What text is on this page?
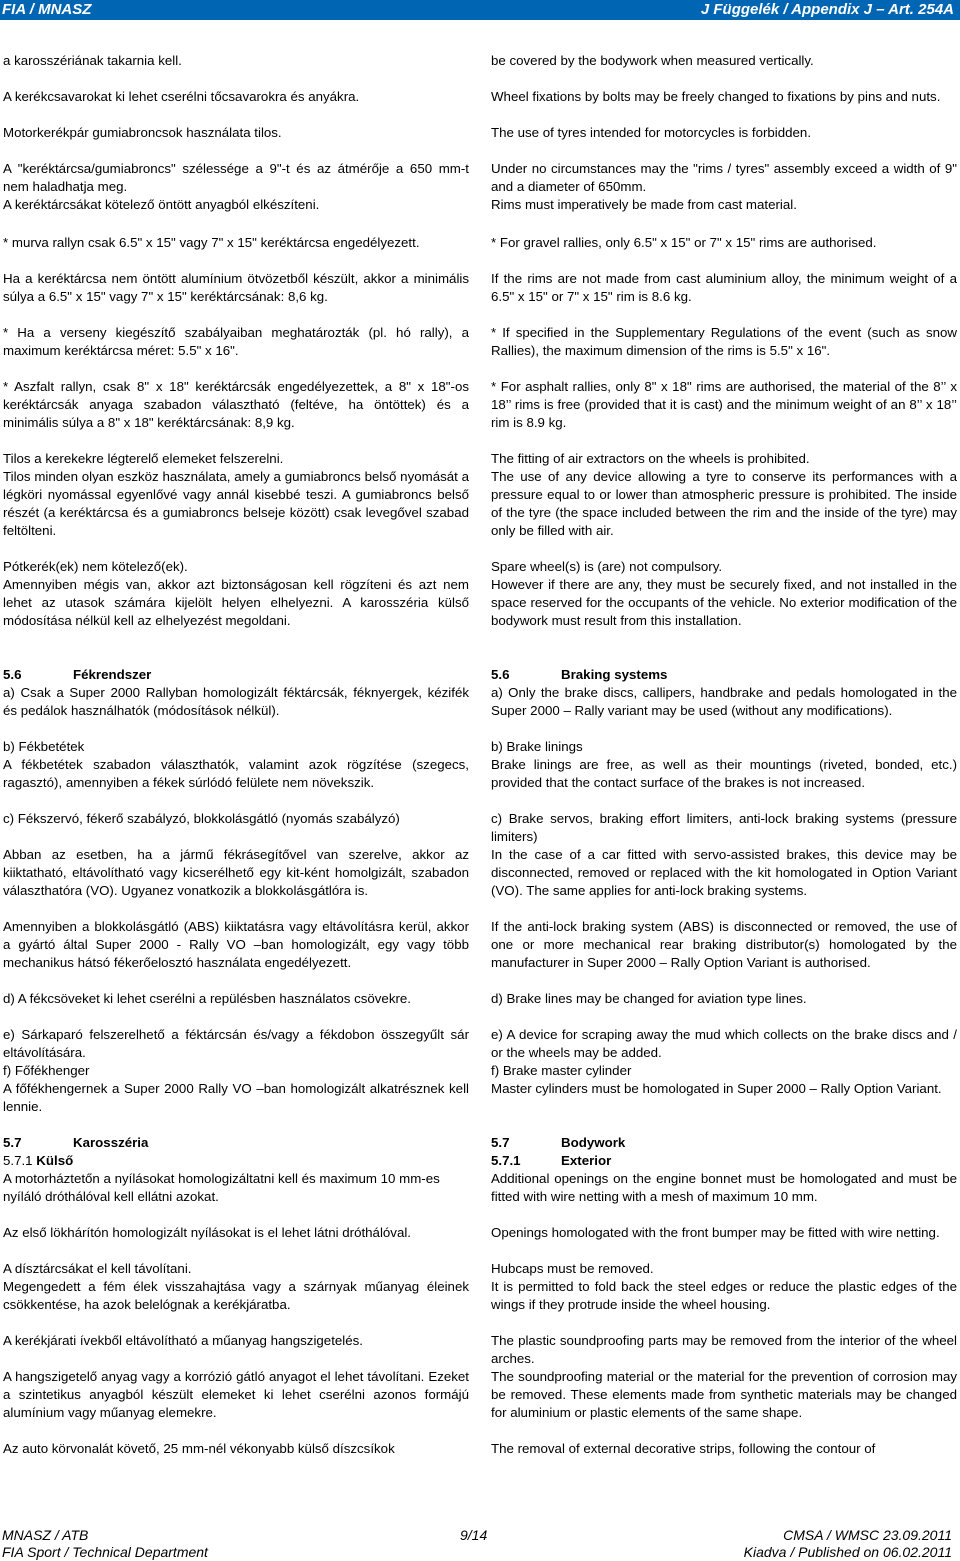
FIA / MNASZ	J Függelék / Appendix J – Art. 254A
a karosszériának takarnia kell.
A kerékcsavarokat ki lehet cserélni tőcsavarokra és anyákra.
Motorkerékpár gumiabroncsok használata tilos.
A "keréktárcsa/gumiabroncs" szélessége a 9"-t és az átmérője a 650 mm-t nem haladhatja meg.
A keréktárcsákat kötelező öntött anyagból elkészíteni.
* murva rallyn csak 6.5" x 15" vagy 7" x 15" keréktárcsa engedélyezett.
Ha a keréktárcsa nem öntött alumínium ötvözetből készült, akkor a minimális súlya a 6.5" x 15" vagy 7" x 15" keréktárcsának: 8,6 kg.
* Ha a verseny kiegészítő szabályaiban meghatározták (pl. hó rally), a maximum keréktárcsa méret: 5.5" x 16".
* Aszfalt rallyn, csak 8" x 18" keréktárcsák engedélyezettek, a 8" x 18"-os keréktárcsák anyaga szabadon választható (feltéve, ha öntöttek) és a minimális súlya a 8" x 18" keréktárcsának: 8,9 kg.
Tilos a kerekekre légterelő elemeket felszerelni.
Tilos minden olyan eszköz használata, amely a gumiabroncs belső nyomását a légköri nyomással egyenlővé vagy annál kisebbé teszi. A gumiabroncs belső részét (a keréktárcsa és a gumiabroncs belseje között) csak levegővel szabad feltölteni.
Pótkerék(ek) nem kötelező(ek).
Amennyiben mégis van, akkor azt biztonságosan kell rögzíteni és azt nem lehet az utasok számára kijelölt helyen elhelyezni. A karosszéria külső módosítása nélkül kell az elhelyezést megoldani.
5.6	Fékrendszer
a) Csak a Super 2000 Rallyban homologizált féktárcsák, féknyergek, kézifék és pedálok használhatók (módosítások nélkül).
b) Fékbetétek
A fékbetétek szabadon választhatók, valamint azok rögzítése (szegecs, ragasztó), amennyiben a fékek súrlódó felülete nem növekszik.
c) Fékszervó, fékerő szabályzó, blokkolásgátló (nyomás szabályzó)
Abban az esetben, ha a jármű fékrásegítővel van szerelve, akkor az kiiktatható, eltávolítható vagy kicserélhető egy kit-ként homolgizált, szabadon választhatóra (VO). Ugyanez vonatkozik a blokkolásgátlóra is.
Amennyiben a blokkolásgátló (ABS) kiiktatásra vagy eltávolításra kerül, akkor a gyártó által Super 2000 - Rally VO –ban homologizált, egy vagy több mechanikus hátsó fékerőelosztó használata engedélyezett.
d) A fékcsöveket ki lehet cserélni a repülésben használatos csövekre.
e) Sárkaparó felszerelhető a féktárcsán és/vagy a fékdobon összegyűlt sár eltávolítására.
f) Főfékhenger
A főfékhengernek a Super 2000 Rally VO –ban homologizált alkatrésznek kell lennie.
5.7	Karosszéria
5.7.1 Külső
A motorháztetőn a nyílásokat homologizáltatni kell és maximum 10 mm-es nyíláló dróthálóval kell ellátni azokat.
Az első lökhárítón homologizált nyílásokat is el lehet látni dróthálóval.
A dísztárcsákat el kell távolítani.
Megengedett a fém élek visszahajtása vagy a szárnyak műanyag éleinek csökkentése, ha azok belelógnak a kerékjáratba.
A kerékjárati ívekből eltávolítható a műanyag hangszigetelés.
A hangszigetelő anyag vagy a korrózió gátló anyagot el lehet távolítani. Ezeket a szintetikus anyagból készült elemeket ki lehet cserélni azonos formájú alumínium vagy műanyag elemekre.
Az auto körvonalát követő, 25 mm-nél vékonyabb külső díszcsíkok
be covered by the bodywork when measured vertically.
Wheel fixations by bolts may be freely changed to fixations by pins and nuts.
The use of tyres intended for motorcycles is forbidden.
Under no circumstances may the "rims / tyres" assembly exceed a width of 9" and a diameter of 650mm.
Rims must imperatively be made from cast material.
* For gravel rallies, only 6.5" x 15" or 7" x 15" rims are authorised.
If the rims are not made from cast aluminium alloy, the minimum weight of a 6.5" x 15" or 7" x 15" rim is 8.6 kg.
* If specified in the Supplementary Regulations of the event (such as snow Rallies), the maximum dimension of the rims is 5.5" x 16".
* For asphalt rallies, only 8" x 18" rims are authorised, the material of the 8’’ x 18’’ rims is free (provided that it is cast) and the minimum weight of an 8’’ x 18’’ rim is 8.9 kg.
The fitting of air extractors on the wheels is prohibited.
The use of any device allowing a tyre to conserve its performances with a pressure equal to or lower than atmospheric pressure is prohibited. The inside of the tyre (the space included between the rim and the inside of the tyre) may only be filled with air.
Spare wheel(s) is (are) not compulsory.
However if there are any, they must be securely fixed, and not installed in the space reserved for the occupants of the vehicle. No exterior modification of the bodywork must result from this installation.
5.6	Braking systems
a) Only the brake discs, callipers, handbrake and pedals homologated in the Super 2000 – Rally variant may be used (without any modifications).
b) Brake linings
Brake linings are free, as well as their mountings (riveted, bonded, etc.) provided that the contact surface of the brakes is not increased.
c) Brake servos, braking effort limiters, anti-lock braking systems (pressure limiters)
In the case of a car fitted with servo-assisted brakes, this device may be disconnected, removed or replaced with the kit homologated in Option Variant (VO). The same applies for anti-lock braking systems.
If the anti-lock braking system (ABS) is disconnected or removed, the use of one or more mechanical rear braking distributor(s) homologated by the manufacturer in Super 2000 – Rally Option Variant is authorised.
d) Brake lines may be changed for aviation type lines.
e) A device for scraping away the mud which collects on the brake discs and / or the wheels may be added.
f) Brake master cylinder
Master cylinders must be homologated in Super 2000 – Rally Option Variant.
5.7	Bodywork
5.7.1	Exterior
Additional openings on the engine bonnet must be homologated and must be fitted with wire netting with a mesh of maximum 10 mm.
Openings homologated with the front bumper may be fitted with wire netting.
Hubcaps must be removed.
It is permitted to fold back the steel edges or reduce the plastic edges of the wings if they protrude inside the wheel housing.
The plastic soundproofing parts may be removed from the interior of the wheel arches.
The soundproofing material or the material for the prevention of corrosion may be removed. These elements made from synthetic materials may be changed for aluminium or plastic elements of the same shape.
The removal of external decorative strips, following the contour of
MNASZ / ATB
FIA Sport / Technical Department
9/14	CMSA / WMSC 23.09.2011
Kiadva / Published on 06.02.2011
